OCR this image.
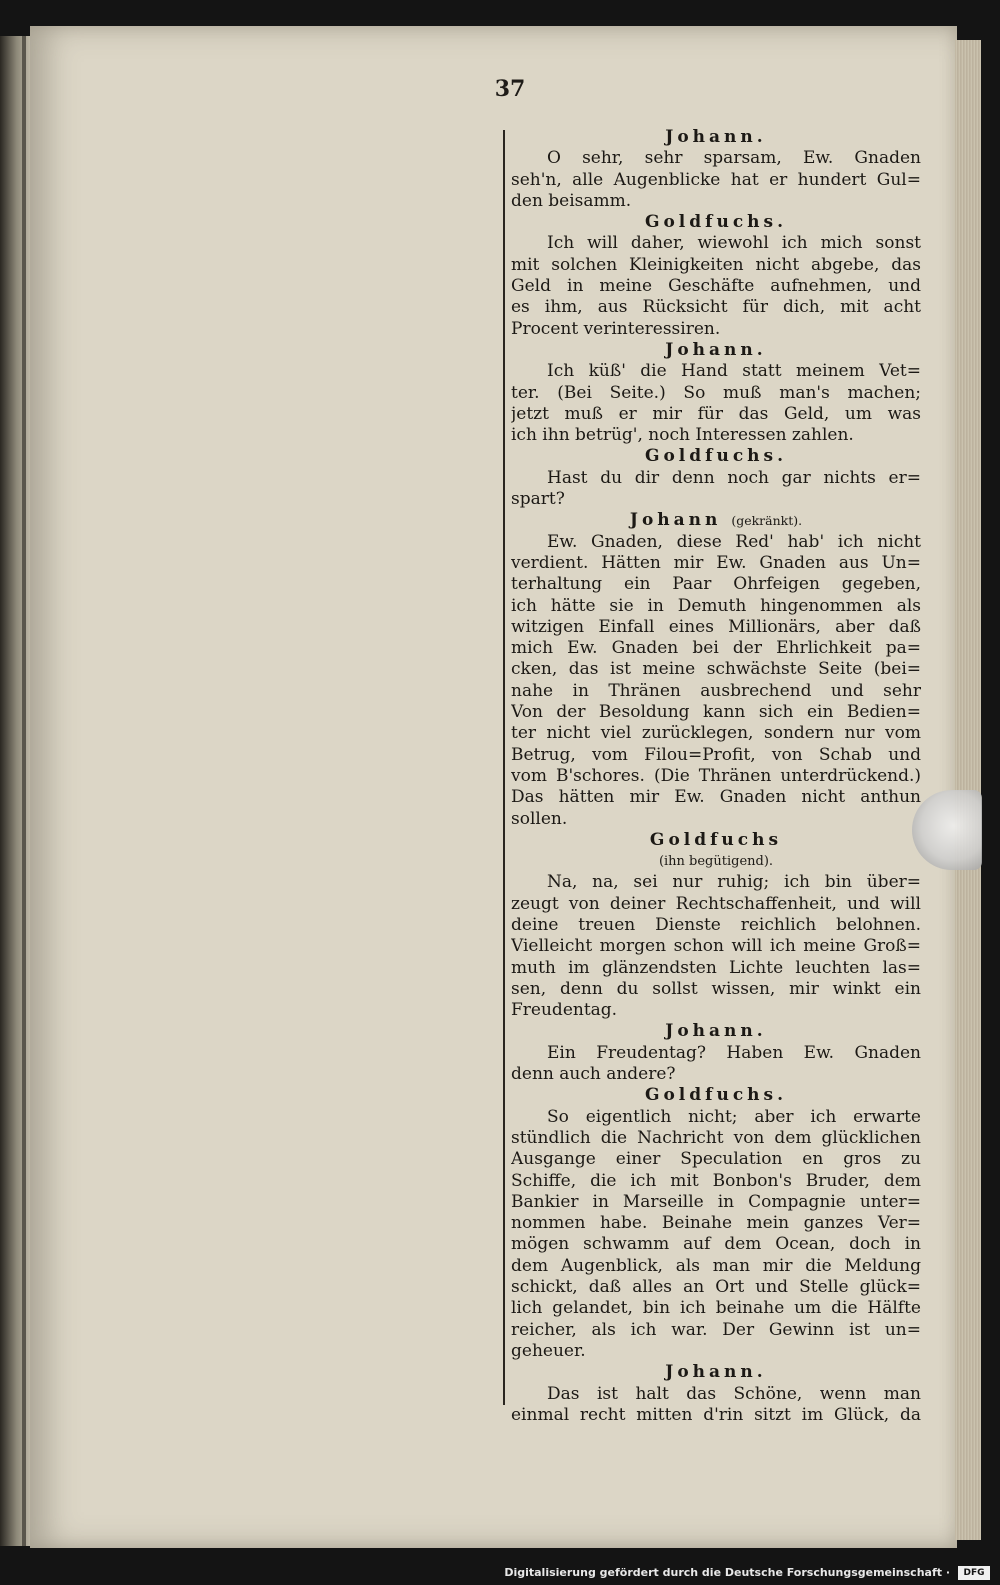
37
Johann.
O sehr, sehr sparsam, Ew. Gnaden
seh'n, alle Augenblicke hat er hundert Gul=
den beisamm.
Goldfuchs.
Ich will daher, wiewohl ich mich sonst
mit solchen Kleinigkeiten nicht abgebe, das
Geld in meine Geschäfte aufnehmen, und
es ihm, aus Rücksicht für dich, mit acht
Procent verinteressiren.
Johann.
Ich küß' die Hand statt meinem Vet=
ter. (Bei Seite.) So muß man's machen;
jetzt muß er mir für das Geld, um was
ich ihn betrüg', noch Interessen zahlen.
Goldfuchs.
Hast du dir denn noch gar nichts er=
spart?
Johann (gekränkt).
Ew. Gnaden, diese Red' hab' ich nicht
verdient. Hätten mir Ew. Gnaden aus Un=
terhaltung ein Paar Ohrfeigen gegeben,
ich hätte sie in Demuth hingenommen als
witzigen Einfall eines Millionärs, aber daß
mich Ew. Gnaden bei der Ehrlichkeit pa=
cken, das ist meine schwächste Seite (bei=
nahe in Thränen ausbrechend und sehr
Von der Besoldung kann sich ein Bedien=
ter nicht viel zurücklegen, sondern nur vom
Betrug, vom Filou=Profit, von Schab und
vom B'schores. (Die Thränen unterdrückend.)
Das hätten mir Ew. Gnaden nicht anthun
sollen.
Goldfuchs
(ihn begütigend).
Na, na, sei nur ruhig; ich bin über=
zeugt von deiner Rechtschaffenheit, und will
deine treuen Dienste reichlich belohnen.
Vielleicht morgen schon will ich meine Groß=
muth im glänzendsten Lichte leuchten las=
sen, denn du sollst wissen, mir winkt ein
Freudentag.
Johann.
Ein Freudentag? Haben Ew. Gnaden
denn auch andere?
Goldfuchs.
So eigentlich nicht; aber ich erwarte
stündlich die Nachricht von dem glücklichen
Ausgange einer Speculation en gros zu
Schiffe, die ich mit Bonbon's Bruder, dem
Bankier in Marseille in Compagnie unter=
nommen habe. Beinahe mein ganzes Ver=
mögen schwamm auf dem Ocean, doch in
dem Augenblick, als man mir die Meldung
schickt, daß alles an Ort und Stelle glück=
lich gelandet, bin ich beinahe um die Hälfte
reicher, als ich war. Der Gewinn ist un=
geheuer.
Johann.
Das ist halt das Schöne, wenn man
einmal recht mitten d'rin sitzt im Glück, da
Digitalisierung gefördert durch die Deutsche Forschungsgemeinschaft ·	DFG
